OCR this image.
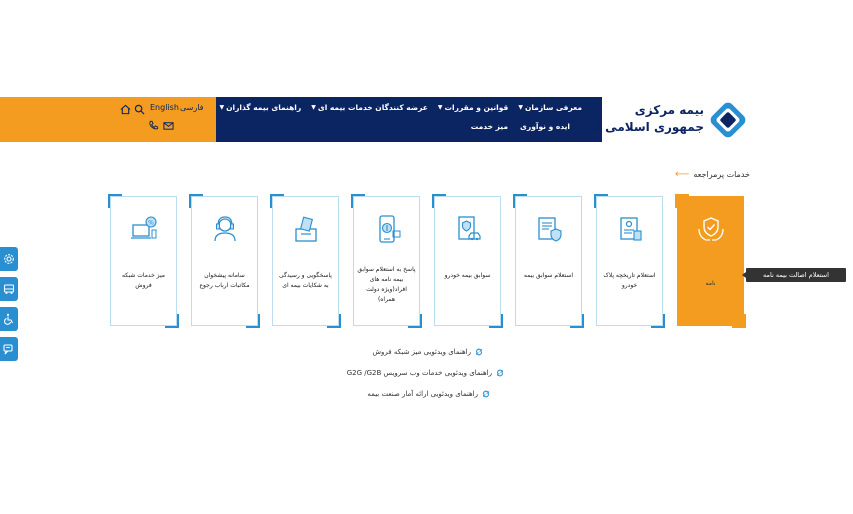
فارسی
English	معرفی سازمان
▼
قوانین و مقررات
▼
عرضه کنندگان خدمات بیمه ای
▼
راهنمای بیمه گذاران
▼
ایده و نوآوری
میز خدمت
بیمه مرکزی
جمهوری اسلامی ایران
خدمات پرمراجعه
⟵
نامه
استعلام تاریخچه پلاک خودرو
استعلام سوابق بیمه
سوابق بیمه خودرو
پاسخ به استعلام سوابق بیمه نامه های افراد(ویژه دولت همراه)
پاسخگویی و رسیدگی به شکایات بیمه ای
سامانه پیشخوان مکاتبات ارباب رجوع
%
میز خدمات شبکه فروش
استعلام اصالت بیمه نامه
راهنمای ویدئویی میز شبکه فروش
راهنمای ویدئویی خدمات وب سرویس G2G /G2B
راهنمای ویدئویی ارائه آمار صنعت بیمه
